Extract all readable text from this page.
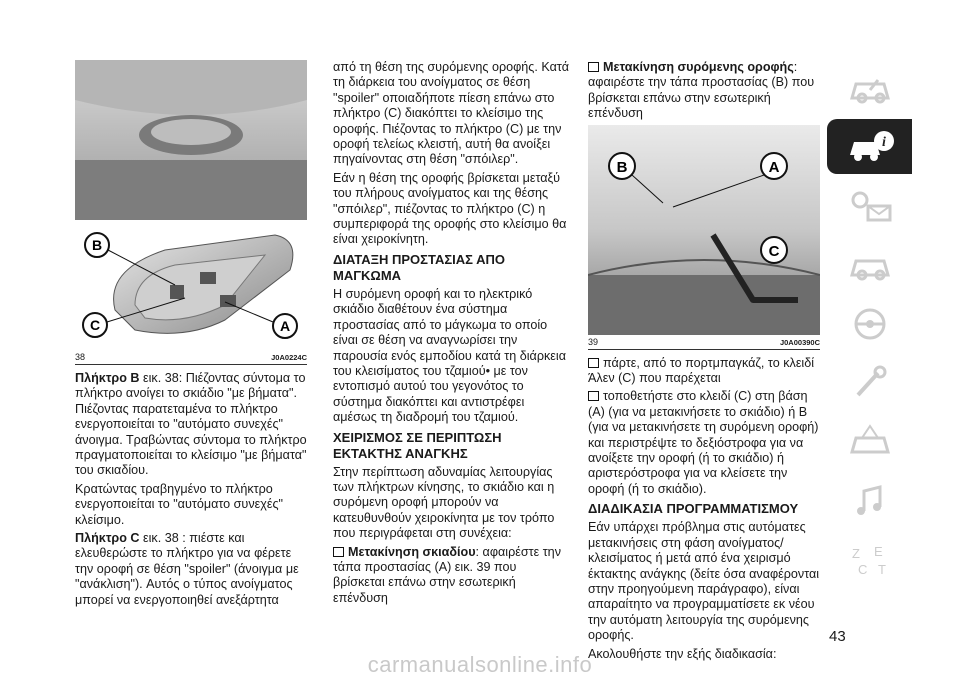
B
C	A
38	J0A0224C

Πλήκτρο B εικ. 38: Πιέζοντας σύντομα το πλήκτρο ανοίγει το σκιάδιο "με βήματα". Πιέζοντας παρατεταμένα το πλήκτρο ενεργοποιείται το "αυτόματο συνεχές" άνοιγμα. Τραβώντας σύντομα το πλήκτρο πραγματοποιείται το κλείσιμο "με βήματα" του σκιαδίου.

Κρατώντας τραβηγμένο το πλήκτρο ενεργοποιείται το "αυτόματο συνεχές" κλείσιμο.

Πλήκτρο C εικ. 38 : πιέστε και ελευθερώστε το πλήκτρο για να φέρετε την οροφή σε θέση "spoiler" (άνοιγμα με "ανάκλιση"). Αυτός ο τύπος ανοίγματος μπορεί να ενεργοποιηθεί ανεξάρτητα

από τη θέση της συρόμενης οροφής. Κατά τη διάρκεια του ανοίγματος σε θέση "spoiler" οποιαδήποτε πίεση επάνω στο πλήκτρο (C) διακόπτει το κλείσιμο της οροφής. Πιέζοντας το πλήκτρο (C) με την οροφή τελείως κλειστή, αυτή θα ανοίξει πηγαίνοντας στη θέση "σπόιλερ".

Εάν η θέση της οροφής βρίσκεται μεταξύ του πλήρους ανοίγματος και της θέσης "σπόιλερ", πιέζοντας το πλήκτρο (C) η συμπεριφορά της οροφής στο κλείσιμο θα είναι χειροκίνητη.

ΔΙΑΤΑΞΗ ΠΡΟΣΤΑΣΙΑΣ ΑΠΟ ΜΑΓΚΩΜΑ

Η συρόμενη οροφή και το ηλεκτρικό σκιάδιο διαθέτουν ένα σύστημα προστασίας από το μάγκωμα το οποίο είναι σε θέση να αναγνωρίσει την παρουσία ενός εμποδίου κατά τη διάρκεια του κλεισίματος του τζαμιού• με τον εντοπισμό αυτού του γεγονότος το σύστημα διακόπτει και αντιστρέφει αμέσως τη διαδρομή του τζαμιού.

ΧΕΙΡΙΣΜΟΣ ΣΕ ΠΕΡΙΠΤΩΣΗ ΕΚΤΑΚΤΗΣ ΑΝΑΓΚΗΣ

Στην περίπτωση αδυναμίας λειτουργίας των πλήκτρων κίνησης, το σκιάδιο και η συρόμενη οροφή μπορούν να κατευθυνθούν χειροκίνητα με τον τρόπο που περιγράφεται στη συνέχεια:

Μετακίνηση σκιαδίου: αφαιρέστε την τάπα προστασίας (A) εικ. 39 που βρίσκεται επάνω στην εσωτερική επένδυση

Μετακίνηση συρόμενης οροφής: αφαιρέστε την τάπα προστασίας (B) που βρίσκεται επάνω στην εσωτερική επένδυση

B	A
C
39	J0A00390C

πάρτε, από το πορτμπαγκάζ, το κλειδί Άλεν (C) που παρέχεται

τοποθετήστε στο κλειδί (C) στη βάση (A) (για να μετακινήσετε το σκιάδιο) ή B (για να μετακινήσετε τη συρόμενη οροφή) και περιστρέψτε το δεξιόστροφα για να ανοίξετε την οροφή (ή το σκιάδιο) ή αριστερόστροφα για να κλείσετε την οροφή (ή το σκιάδιο).

ΔΙΑΔΙΚΑΣΙΑ ΠΡΟΓΡΑΜΜΑΤΙΣΜΟΥ

Εάν υπάρχει πρόβλημα στις αυτόματες μετακινήσεις στη φάση ανοίγματος/κλεισίματος ή μετά από ένα χειρισμό έκτακτης ανάγκης (δείτε όσα αναφέρονται στην προηγούμενη παράγραφο), είναι απαραίτητο να προγραμματίσετε εκ νέου την αυτόματη λειτουργία της συρόμενης οροφής.

Ακολουθήστε την εξής διαδικασία:

i
Z E
C T
43
carmanualsonline.info
